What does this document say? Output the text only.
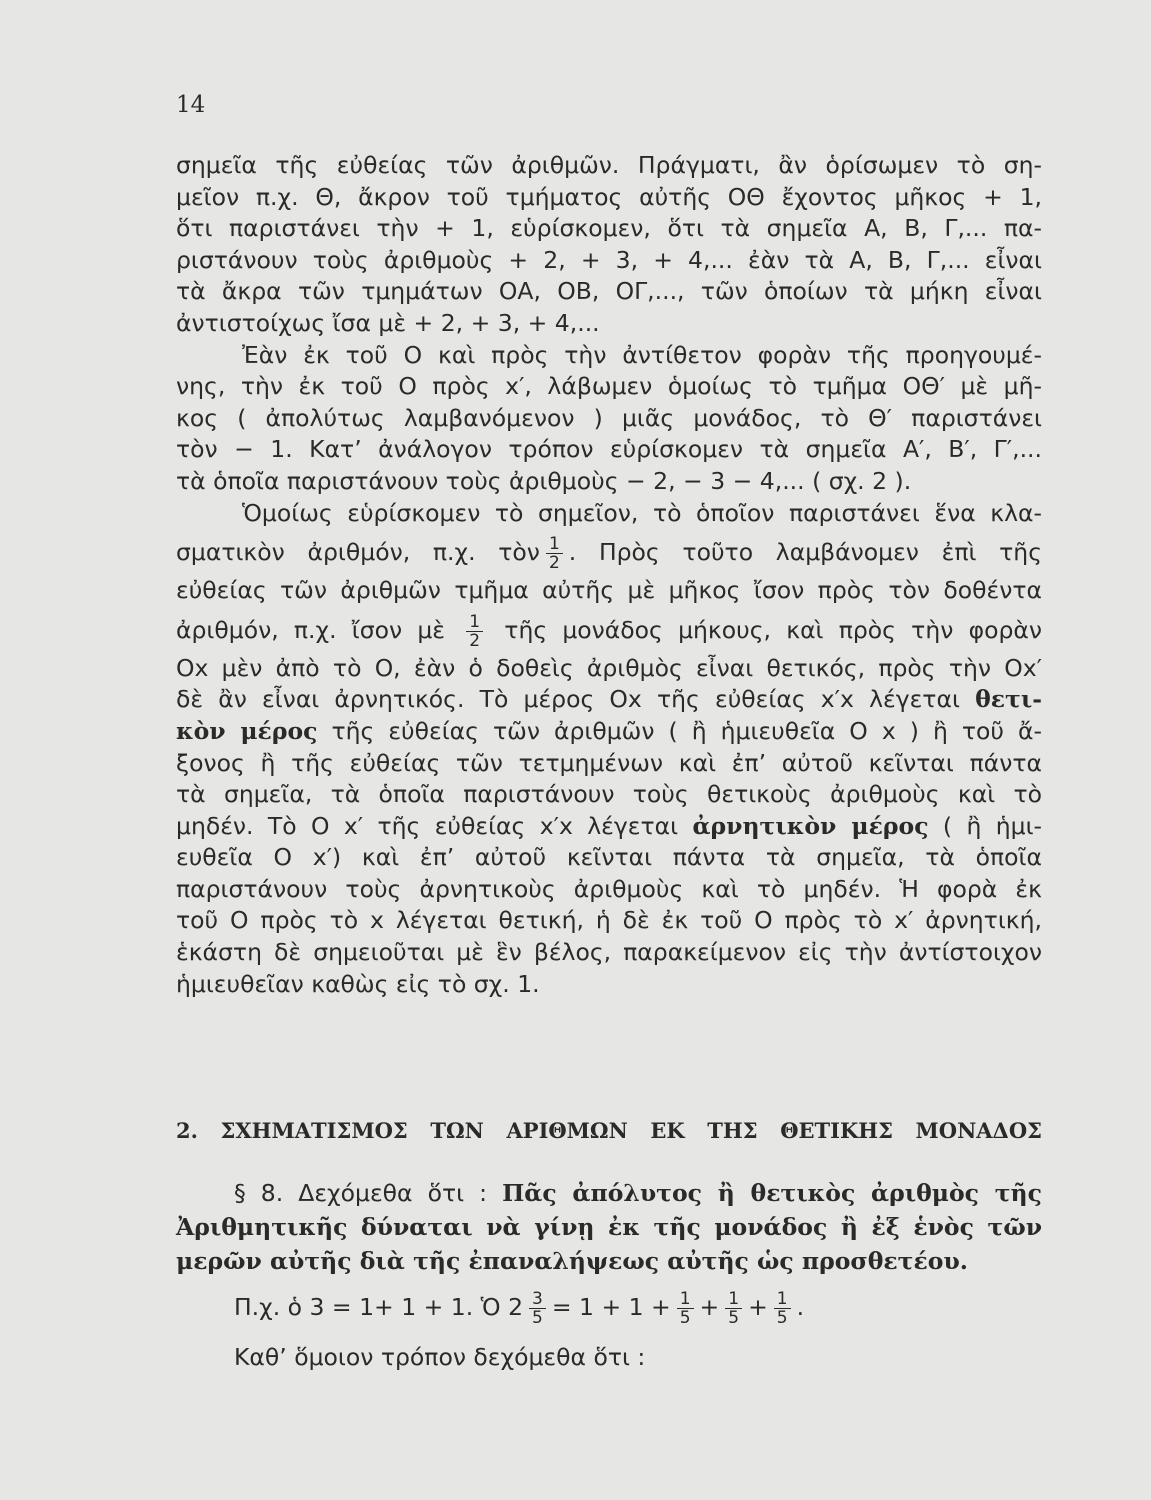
14
σημεῖα τῆς εὐθείας τῶν ἀριθμῶν. Πράγματι, ἂν ὁρίσωμεν τὸ ση-
μεῖον π.χ. Θ, ἄκρον τοῦ τμήματος αὐτῆς ΟΘ ἔχοντος μῆκος + 1,
ὅτι παριστάνει τὴν + 1, εὑρίσκομεν, ὅτι τὰ σημεῖα Α, Β, Γ,... πα-
ριστάνουν τοὺς ἀριθμοὺς + 2, + 3, + 4,... ἐὰν τὰ Α, Β, Γ,... εἶναι
τὰ ἄκρα τῶν τμημάτων ΟΑ, ΟΒ, ΟΓ,..., τῶν ὁποίων τὰ μήκη εἶναι
ἀντιστοίχως ἴσα μὲ + 2, + 3, + 4,...
Ἐὰν ἐκ τοῦ Ο καὶ πρὸς τὴν ἀντίθετον φορὰν τῆς προηγουμέ-
νης, τὴν ἐκ τοῦ Ο πρὸς x′, λάβωμεν ὁμοίως τὸ τμῆμα ΟΘ′ μὲ μῆ-
κος ( ἀπολύτως λαμβανόμενον ) μιᾶς μονάδος, τὸ Θ′ παριστάνει
τὸν − 1. Κατ’ ἀνάλογον τρόπον εὑρίσκομεν τὰ σημεῖα Α′, Β′, Γ′,...
τὰ ὁποῖα παριστάνουν τοὺς ἀριθμοὺς − 2, − 3 − 4,... ( σχ. 2 ).
Ὁμοίως εὑρίσκομεν τὸ σημεῖον, τὸ ὁποῖον παριστάνει ἕνα κλα-
σματικὸν ἀριθμόν, π.χ. τὸν $\frac{1}{2}$ . Πρὸς τοῦτο λαμβάνομεν ἐπὶ τῆς
εὐθείας τῶν ἀριθμῶν τμῆμα αὐτῆς μὲ μῆκος ἴσον πρὸς τὸν δοθέντα
ἀριθμόν, π.χ. ἴσον μὲ $\frac{1}{2}$ τῆς μονάδος μήκους, καὶ πρὸς τὴν φορὰν
Οx μὲν ἀπὸ τὸ Ο, ἐὰν ὁ δοθεὶς ἀριθμὸς εἶναι θετικός, πρὸς τὴν Οx′
δὲ ἂν εἶναι ἀρνητικός. Τὸ μέρος Οx τῆς εὐθείας x′x λέγεται θετι-
κὸν μέρος τῆς εὐθείας τῶν ἀριθμῶν ( ἢ ἡμιευθεῖα Ο x ) ἢ τοῦ ἄ-
ξονος ἢ τῆς εὐθείας τῶν τετμημένων καὶ ἐπ’ αὐτοῦ κεῖνται πάντα
τὰ σημεῖα, τὰ ὁποῖα παριστάνουν τοὺς θετικοὺς ἀριθμοὺς καὶ τὸ
μηδέν. Τὸ Ο x′ τῆς εὐθείας x′x λέγεται ἀρνητικὸν μέρος ( ἢ ἡμι-
ευθεῖα Ο x′) καὶ ἐπ’ αὐτοῦ κεῖνται πάντα τὰ σημεῖα, τὰ ὁποῖα
παριστάνουν τοὺς ἀρνητικοὺς ἀριθμοὺς καὶ τὸ μηδέν. Ἡ φορὰ ἐκ
τοῦ Ο πρὸς τὸ x λέγεται θετική, ἡ δὲ ἐκ τοῦ Ο πρὸς τὸ x′ ἀρνητική,
ἑκάστη δὲ σημειοῦται μὲ ἓν βέλος, παρακείμενον εἰς τὴν ἀντίστοιχον
ἡμιευθεῖαν καθὼς εἰς τὸ σχ. 1.
2. ΣΧΗΜΑΤΙΣΜΟΣ ΤΩΝ ΑΡΙΘΜΩΝ ΕΚ ΤΗΣ ΘΕΤΙΚΗΣ ΜΟΝΑΔΟΣ
§ 8. Δεχόμεθα ὅτι : Πᾶς ἀπόλυτος ἢ θετικὸς ἀριθμὸς τῆς
Ἀριθμητικῆς δύναται νὰ γίνῃ ἐκ τῆς μονάδος ἢ ἐξ ἑνὸς τῶν
μερῶν αὐτῆς διὰ τῆς ἐπαναλήψεως αὐτῆς ὡς προσθετέου.
Π.χ. ὁ 3 = 1+ 1 + 1. Ὁ $2 \frac{3}{5} = 1 + 1 + \frac{1}{5} + \frac{1}{5} + \frac{1}{5}$ .
Καθ’ ὅμοιον τρόπον δεχόμεθα ὅτι :
